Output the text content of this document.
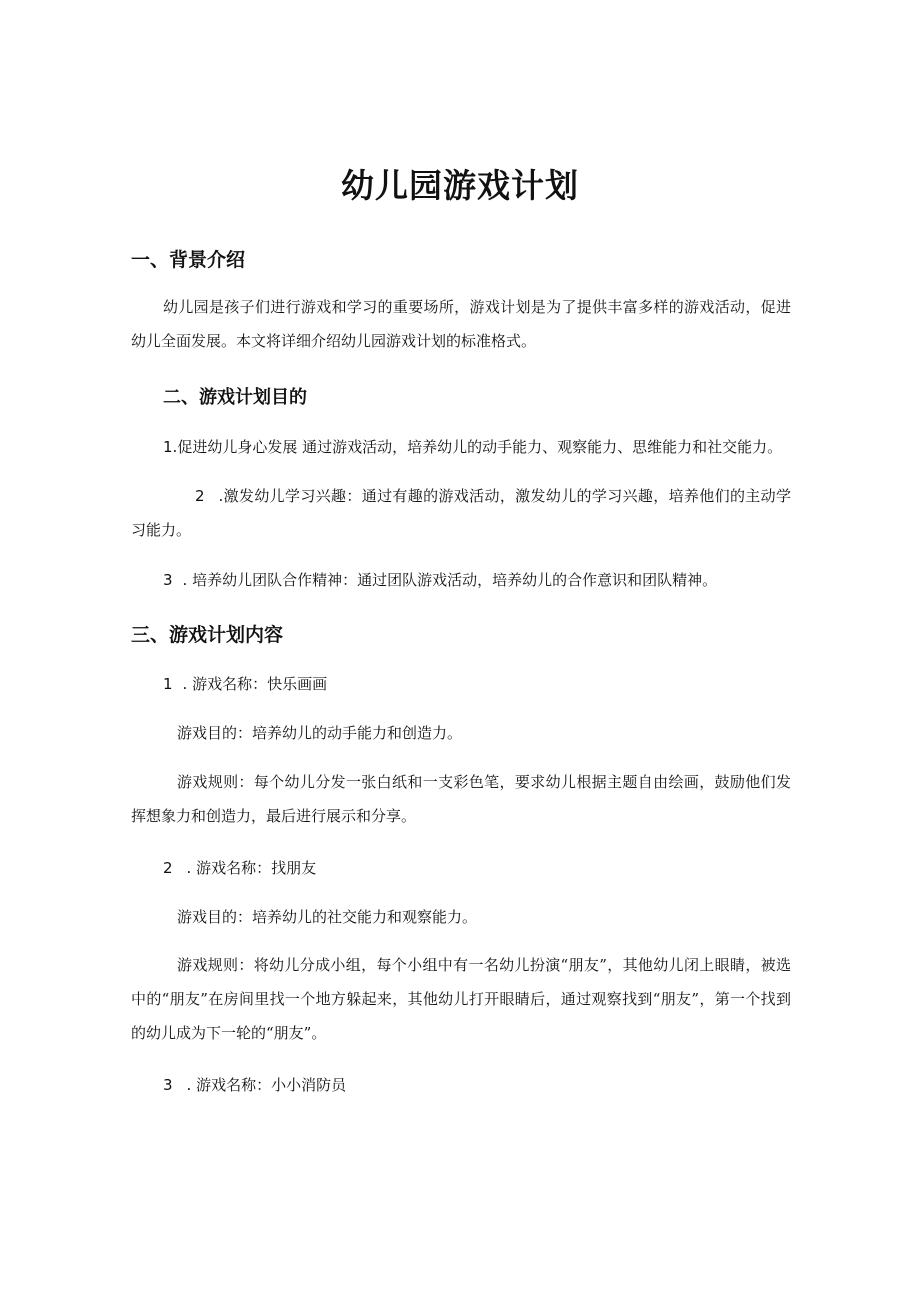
幼儿园游戏计划
一、背景介绍

幼儿园是孩子们进行游戏和学习的重要场所，游戏计划是为了提供丰富多样的游戏活动，促进幼儿全面发展。本文将详细介绍幼儿园游戏计划的标准格式。

二、游戏计划目的

1.促进幼儿身心发展 通过游戏活动，培养幼儿的动手能力、观察能力、思维能力和社交能力。

2 .激发幼儿学习兴趣：通过有趣的游戏活动，激发幼儿的学习兴趣，培养他们的主动学习能力。

3 . 培养幼儿团队合作精神：通过团队游戏活动，培养幼儿的合作意识和团队精神。

三、游戏计划内容

1 . 游戏名称：快乐画画

游戏目的：培养幼儿的动手能力和创造力。

游戏规则：每个幼儿分发一张白纸和一支彩色笔，要求幼儿根据主题自由绘画，鼓励他们发挥想象力和创造力，最后进行展示和分享。

2 . 游戏名称：找朋友

游戏目的：培养幼儿的社交能力和观察能力。

游戏规则：将幼儿分成小组，每个小组中有一名幼儿扮演“朋友”，其他幼儿闭上眼睛，被选中的“朋友”在房间里找一个地方躲起来，其他幼儿打开眼睛后，通过观察找到“朋友”，第一个找到的幼儿成为下一轮的“朋友”。

3 . 游戏名称：小小消防员
